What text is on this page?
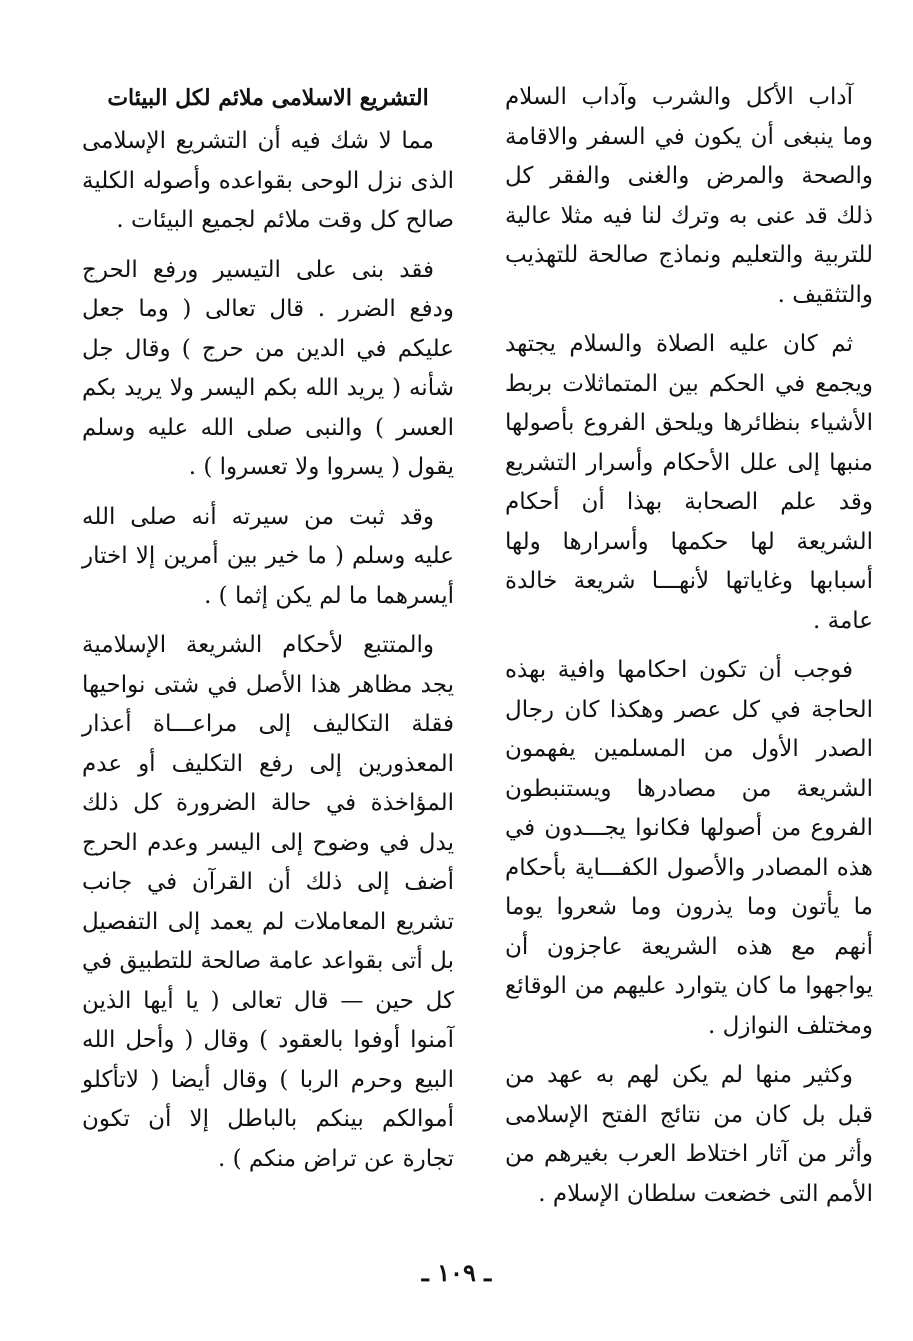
آداب الأكل والشرب وآداب السلام وما ينبغى أن يكون في السفر والاقامة والصحة والمرض والغنى والفقر كل ذلك قد عنى به وترك لنا فيه مثلا عالية للتربية والتعليم ونماذج صالحة للتهذيب والتثقيف .

ثم كان عليه الصلاة والسلام يجتهد ويجمع في الحكم بين المتماثلات بربط الأشياء بنظائرها ويلحق الفروع بأصولها منبها إلى علل الأحكام وأسرار التشريع وقد علم الصحابة بهذا أن أحكام الشريعة لها حكمها وأسرارها ولها أسبابها وغاياتها لأنهـــا شريعة خالدة عامة .

فوجب أن تكون احكامها وافية بهذه الحاجة في كل عصر وهكذا كان رجال الصدر الأول من المسلمين يفهمون الشريعة من مصادرها ويستنبطون الفروع من أصولها فكانوا يجـــدون في هذه المصادر والأصول الكفـــاية بأحكام ما يأتون وما يذرون وما شعروا يوما أنهم مع هذه الشريعة عاجزون أن يواجهوا ما كان يتوارد عليهم من الوقائع ومختلف النوازل .

وكثير منها لم يكن لهم به عهد من قبل بل كان من نتائج الفتح الإسلامى وأثر من آثار اختلاط العرب بغيرهم من الأمم التى خضعت سلطان الإسلام .

التشريع الاسلامى ملائم لكل البيئات

مما لا شك فيه أن التشريع الإسلامى الذى نزل الوحى بقواعده وأصوله الكلية صالح كل وقت ملائم لجميع البيئات .

فقد بنى على التيسير ورفع الحرج ودفع الضرر . قال تعالى ( وما جعل عليكم في الدين من حرج ) وقال جل شأنه ( يريد الله بكم اليسر ولا يريد بكم العسر ) والنبى صلى الله عليه وسلم يقول ( يسروا ولا تعسروا ) .

وقد ثبت من سيرته أنه صلى الله عليه وسلم ( ما خير بين أمرين إلا اختار أيسرهما ما لم يكن إثما ) .

والمتتبع لأحكام الشريعة الإسلامية يجد مظاهر هذا الأصل في شتى نواحيها فقلة التكاليف إلى مراعـــاة أعذار المعذورين إلى رفع التكليف أو عدم المؤاخذة في حالة الضرورة كل ذلك يدل في وضوح إلى اليسر وعدم الحرج أضف إلى ذلك أن القرآن في جانب تشريع المعاملات لم يعمد إلى التفصيل بل أتى بقواعد عامة صالحة للتطبيق في كل حين — قال تعالى ( يا أيها الذين آمنوا أوفوا بالعقود ) وقال ( وأحل الله البيع وحرم الربا ) وقال أيضا ( لاتأكلو أموالكم بينكم بالباطل إلا أن تكون تجارة عن تراض منكم ) .

ـ ١٠٩ ـ
